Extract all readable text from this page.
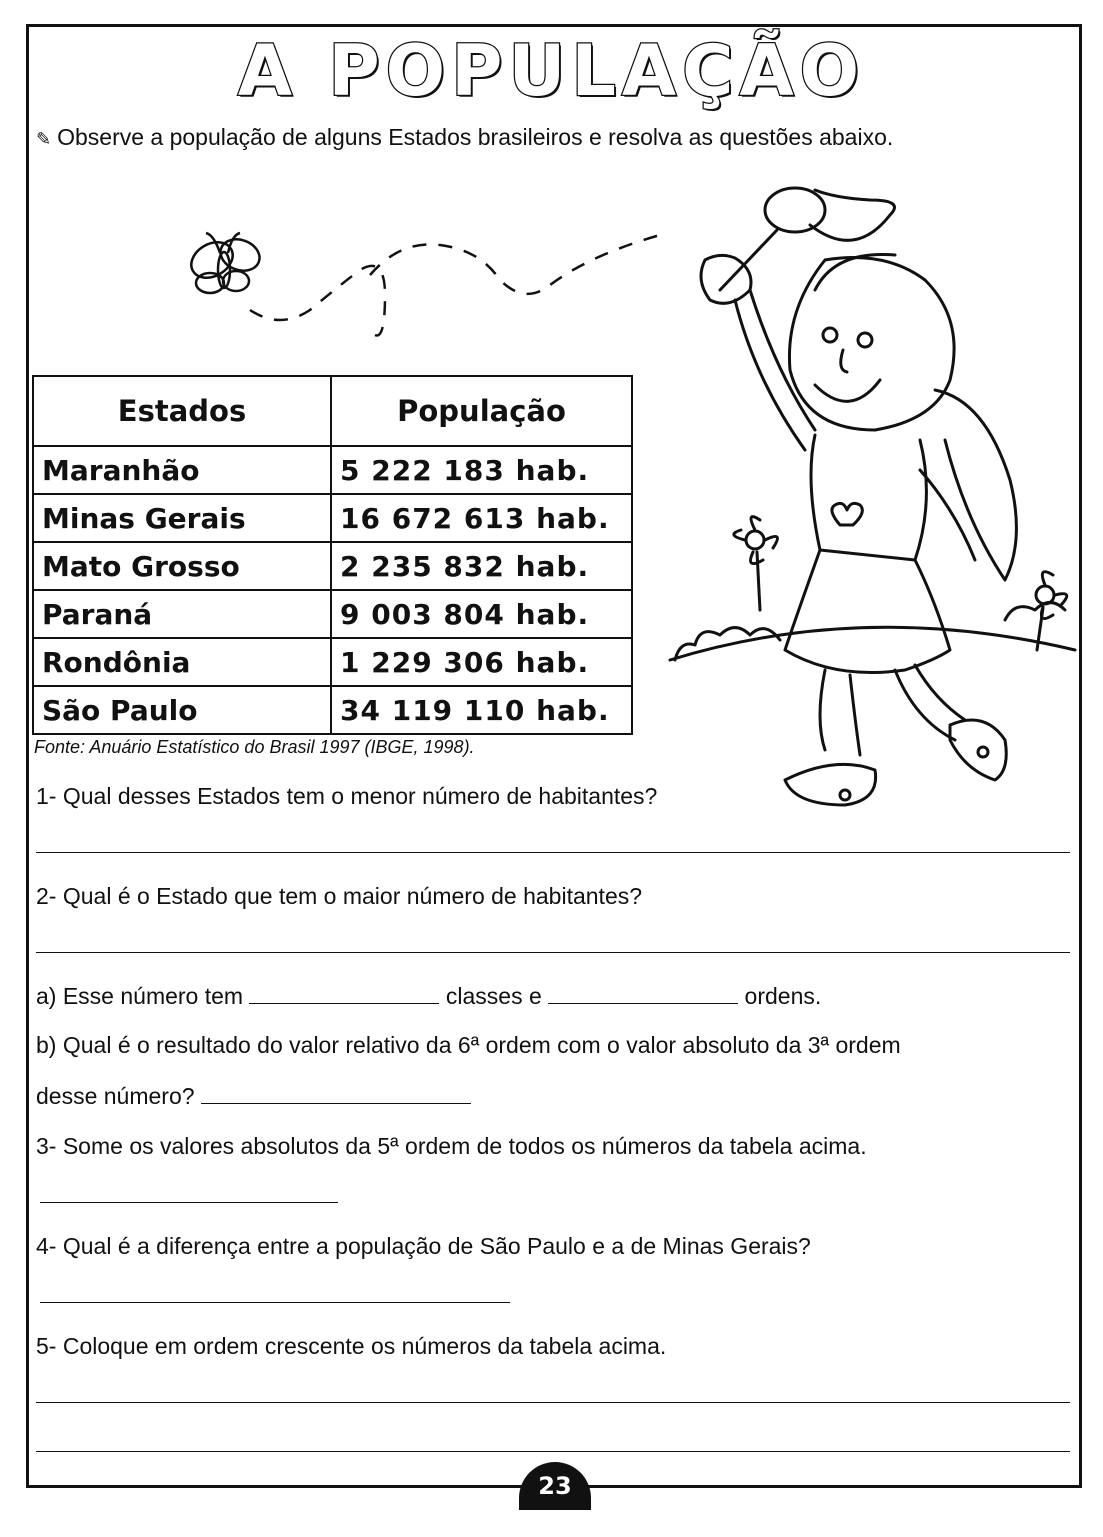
A POPULAÇÃO
✎ Observe a população de alguns Estados brasileiros e resolva as questões abaixo.
Estados	População
Maranhão	5 222 183 hab.
Minas Gerais	16 672 613 hab.
Mato Grosso	2 235 832 hab.
Paraná	9 003 804 hab.
Rondônia	1 229 306 hab.
São Paulo	34 119 110 hab.
Fonte: Anuário Estatístico do Brasil 1997 (IBGE, 1998).
1- Qual desses Estados tem o menor número de habitantes?
2- Qual é o Estado que tem o maior número de habitantes?
a) Esse número tem	classes e	ordens.
b) Qual é o resultado do valor relativo da 6ª ordem com o valor absoluto da 3ª ordem
desse número?
3- Some os valores absolutos da 5ª ordem de todos os números da tabela acima.
4- Qual é a diferença entre a população de São Paulo e a de Minas Gerais?
5- Coloque em ordem crescente os números da tabela acima.
23
